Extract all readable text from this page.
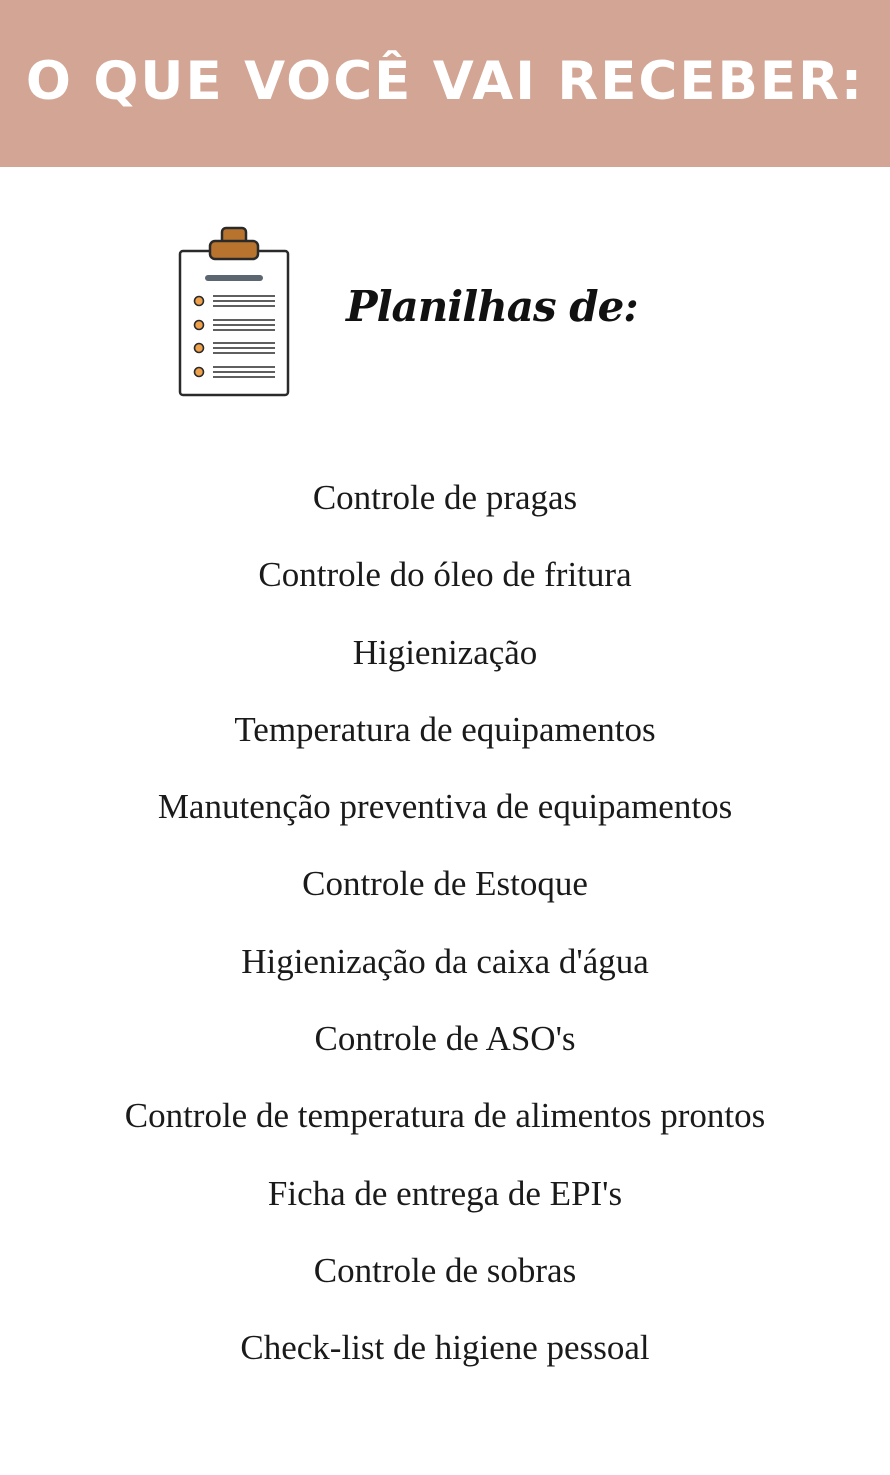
O QUE VOCÊ VAI RECEBER:
Planilhas de:
Controle de pragas
Controle do óleo de fritura
Higienização
Temperatura de equipamentos
Manutenção preventiva de equipamentos
Controle de Estoque
Higienização da caixa d'água
Controle de ASO's
Controle de temperatura de alimentos prontos
Ficha de entrega de EPI's
Controle de sobras
Check-list de higiene pessoal
